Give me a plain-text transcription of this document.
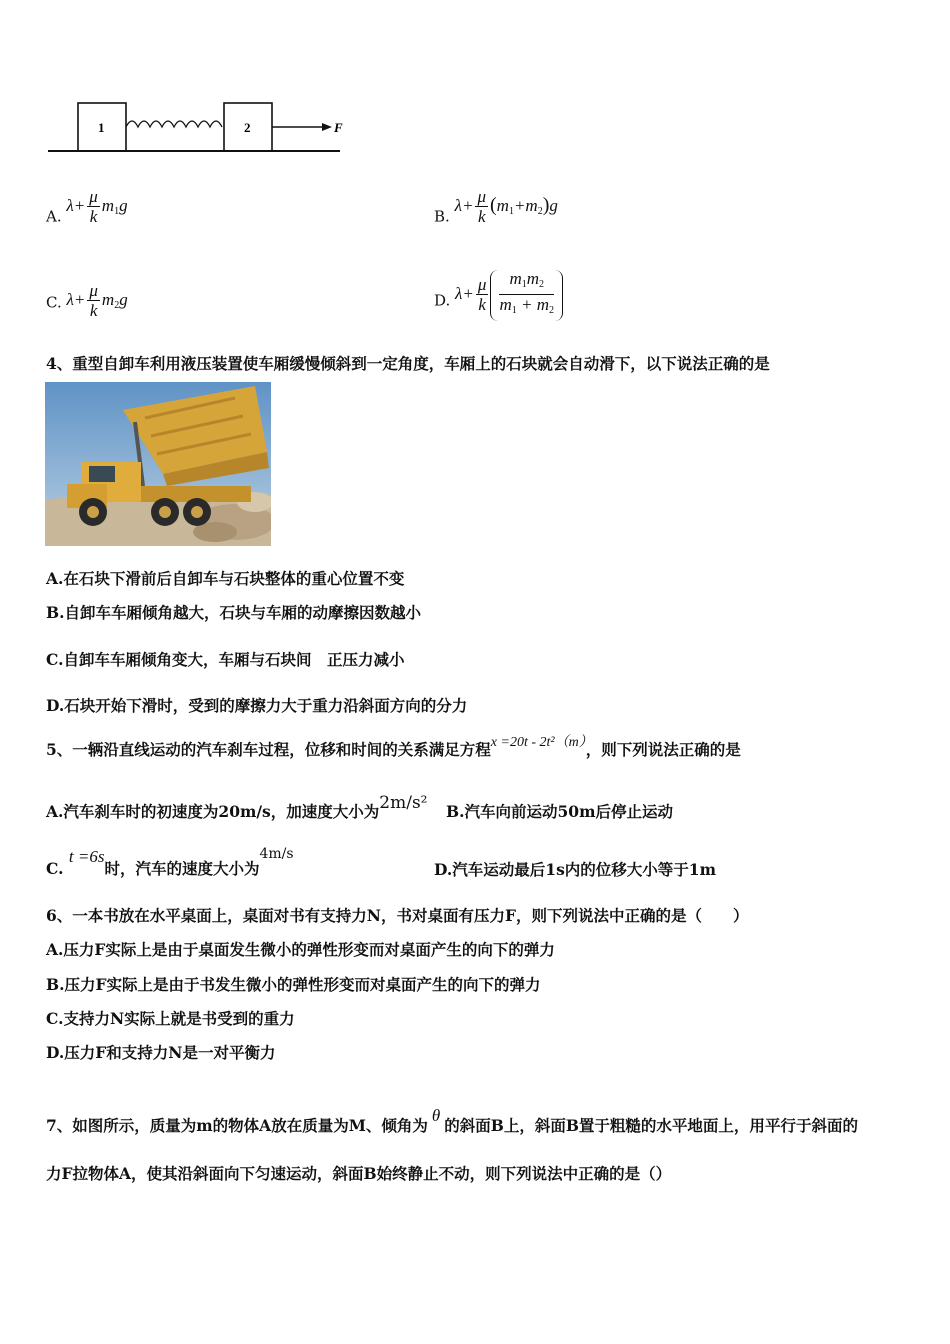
1	2	F
A. $\lambda+ \frac{\mu}{k} m_1g$
B. $\lambda+ \frac{\mu}{k} (m_1+m_2)g$
C. $\lambda+ \frac{\mu}{k} m_2g$	D. $\lambda+ \frac{\mu}{k} \frac{m_1m_2}{m_1 + m_2}$
4、重型自卸车利用液压装置使车厢缓慢倾斜到一定角度，车厢上的石块就会自动滑下，以下说法正确的是
A.在石块下滑前后自卸车与石块整体的重心位置不变
B.自卸车车厢倾角越大，石块与车厢的动摩擦因数越小
C.自卸车车厢倾角变大，车厢与石块间　正压力减小
D.石块开始下滑时，受到的摩擦力大于重力沿斜面方向的分力
5、一辆沿直线运动的汽车刹车过程，位移和时间的关系满足方程x =20t - 2t²（m），则下列说法正确的是
A.汽车刹车时的初速度为20m/s，加速度大小为2m/s² B.汽车向前运动50m后停止运动
C. t =6s时，汽车的速度大小为4m/s
D.汽车运动最后1s内的位移大小等于1m
6、一本书放在水平桌面上，桌面对书有支持力N，书对桌面有压力F，则下列说法中正确的是（　　）
A.压力F实际上是由于桌面发生微小的弹性形变而对桌面产生的向下的弹力
B.压力F实际上是由于书发生微小的弹性形变而对桌面产生的向下的弹力
C.支持力N实际上就是书受到的重力
D.压力F和支持力N是一对平衡力
7、如图所示，质量为m的物体A放在质量为M、倾角为θ的斜面B上，斜面B置于粗糙的水平地面上，用平行于斜面的
力F拉物体A，使其沿斜面向下匀速运动，斜面B始终静止不动，则下列说法中正确的是（）
